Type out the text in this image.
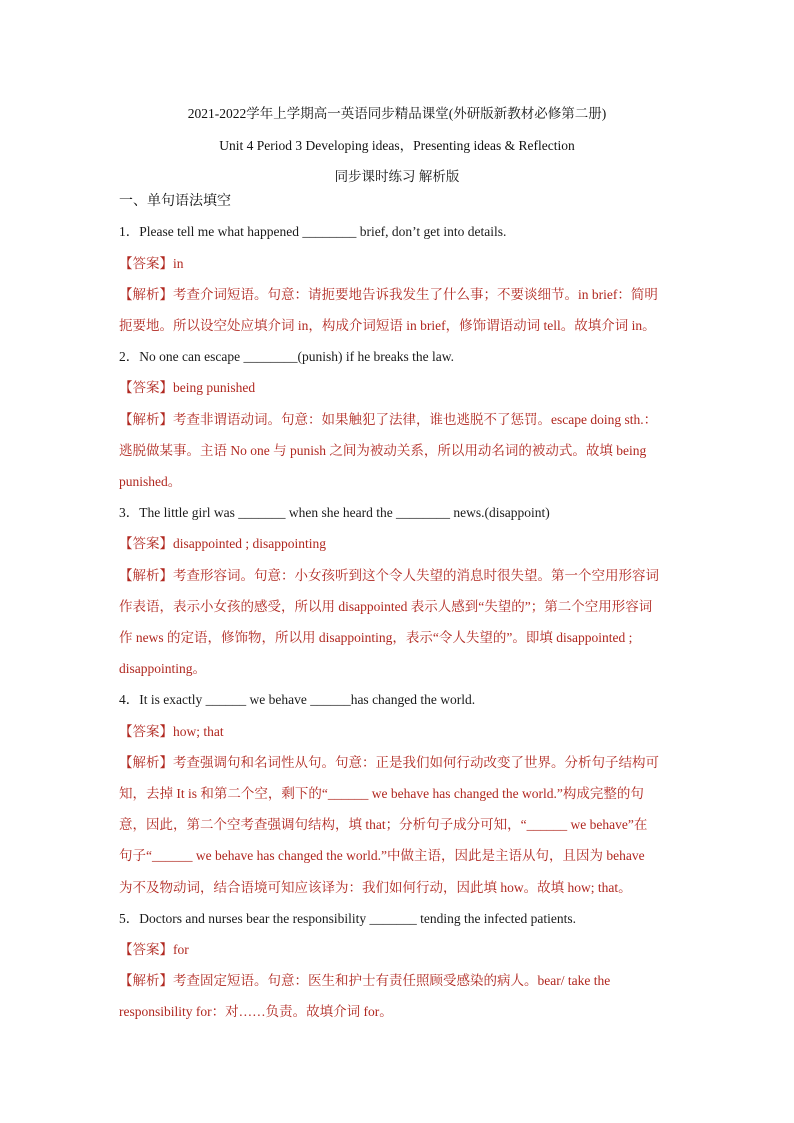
2021-2022学年上学期高一英语同步精品课堂(外研版新教材必修第二册)
Unit 4 Period 3 Developing ideas，Presenting ideas & Reflection
同步课时练习 解析版
一、单句语法填空
1．Please tell me what happened ________ brief, don’t get into details.
【答案】in
【解析】考查介词短语。句意：请扼要地告诉我发生了什么事；不要谈细节。in brief：简明
扼要地。所以设空处应填介词 in，构成介词短语 in brief，修饰谓语动词 tell。故填介词 in。
2．No one can escape ________(punish) if he breaks the law.
【答案】being punished
【解析】考查非谓语动词。句意：如果触犯了法律，谁也逃脱不了惩罚。escape doing sth.：
逃脱做某事。主语 No one 与 punish 之间为被动关系，所以用动名词的被动式。故填 being
punished。
3．The little girl was _______ when she heard the ________ news.(disappoint)
【答案】disappointed ; disappointing
【解析】考查形容词。句意：小女孩听到这个令人失望的消息时很失望。第一个空用形容词
作表语，表示小女孩的感受，所以用 disappointed 表示人感到“失望的”；第二个空用形容词
作 news 的定语，修饰物，所以用 disappointing，表示“令人失望的”。即填 disappointed ;
disappointing。
4．It is exactly ______ we behave ______has changed the world.
【答案】how; that
【解析】考查强调句和名词性从句。句意：正是我们如何行动改变了世界。分析句子结构可
知，去掉 It is 和第二个空，剩下的“______ we behave has changed the world.”构成完整的句
意，因此，第二个空考查强调句结构，填 that；分析句子成分可知，“______ we behave”在
句子“______ we behave has changed the world.”中做主语，因此是主语从句，且因为 behave
为不及物动词，结合语境可知应该译为：我们如何行动，因此填 how。故填 how; that。
5．Doctors and nurses bear the responsibility _______ tending the infected patients.
【答案】for
【解析】考查固定短语。句意：医生和护士有责任照顾受感染的病人。bear/ take the
responsibility for：对……负责。故填介词 for。
